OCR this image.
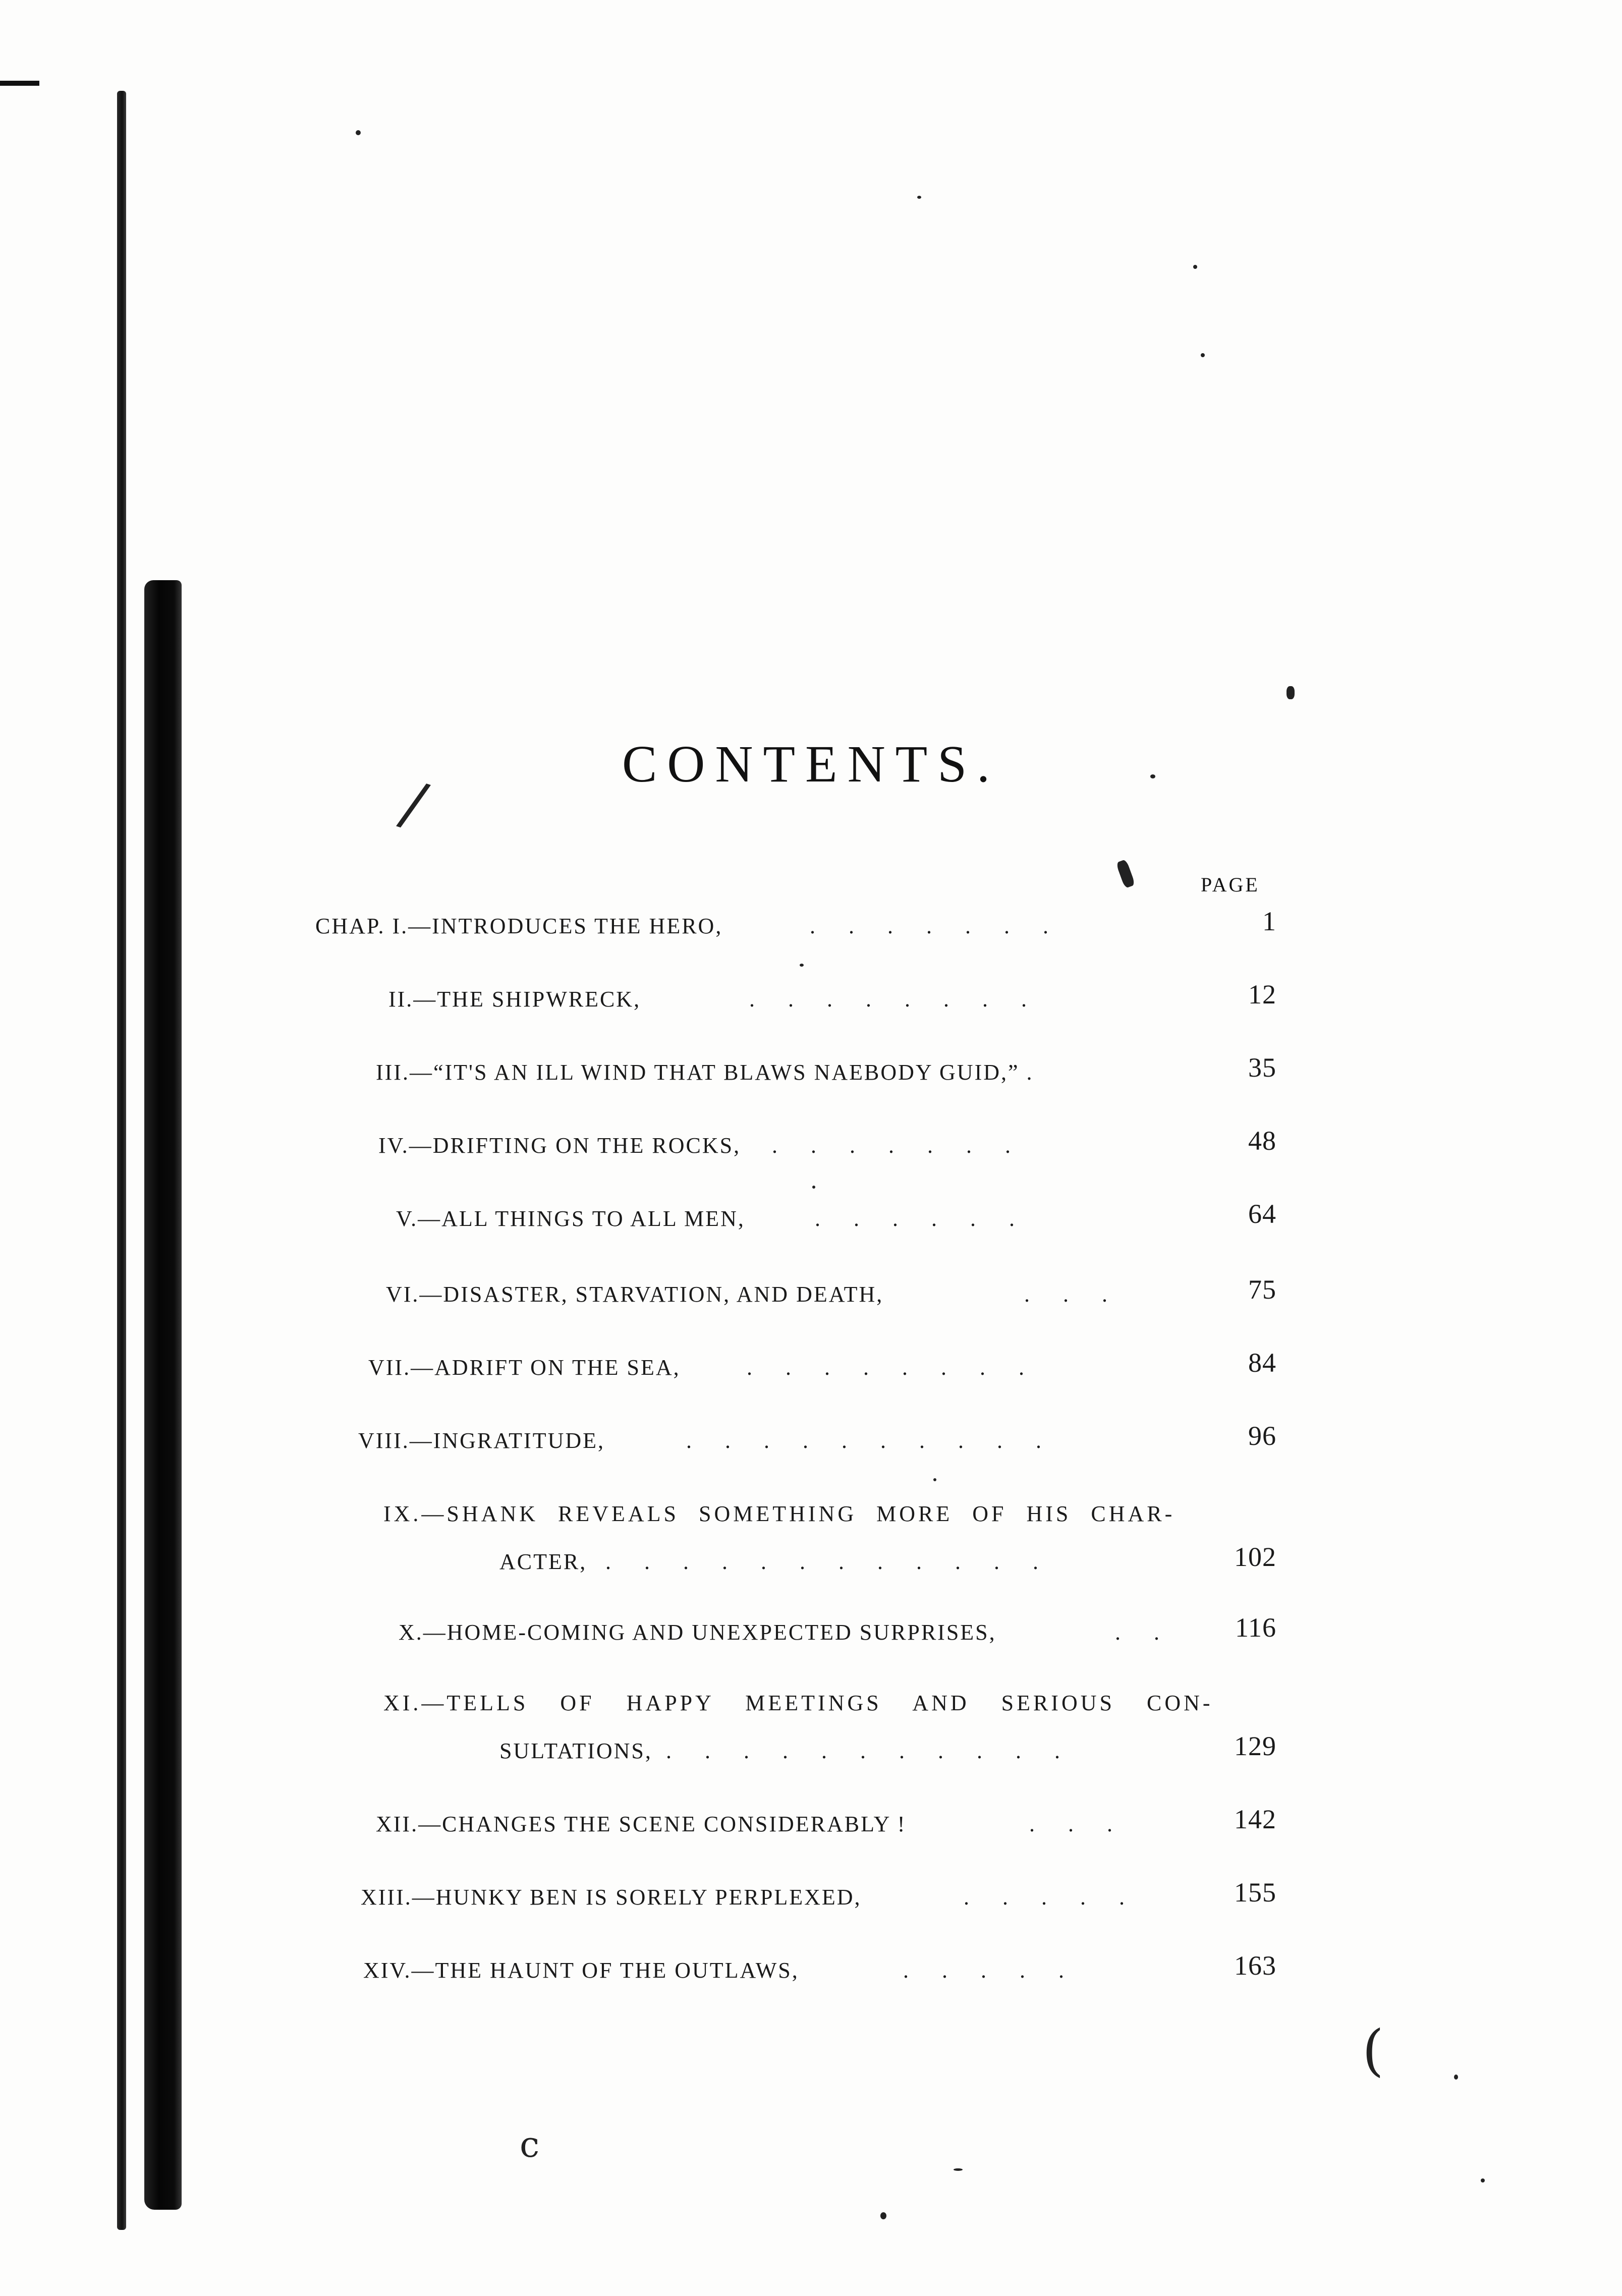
/
(
c
CONTENTS.
PAGE
CHAP. I.—INTRODUCES THE HERO,	.      .      .      .      .      .      .	1
II.—THE SHIPWRECK,	.      .      .      .      .      .      .      .	12
III.—“IT'S AN ILL WIND THAT BLAWS NAEBODY GUID,” .	35
IV.—DRIFTING ON THE ROCKS, .      .      .      .      .      .      .	48
V.—ALL THINGS TO ALL MEN,	.      .      .      .      .      .	64
VI.—DISASTER, STARVATION, AND DEATH,	.      .      .	75
VII.—ADRIFT ON THE SEA,	.      .      .      .      .      .      .      .	84
VIII.—INGRATITUDE,	.      .      .      .      .      .      .      .      .      .	96
IX.—SHANK REVEALS SOMETHING MORE OF HIS CHAR-
ACTER, .      .      .      .      .      .      .      .      .      .      .      .	102
X.—HOME-COMING AND UNEXPECTED SURPRISES,	.      .	116
XI.—TELLS OF HAPPY MEETINGS AND SERIOUS CON-
SULTATIONS, .      .      .      .      .      .      .      .      .      .      .	129
XII.—CHANGES THE SCENE CONSIDERABLY !	.      .      .	142
XIII.—HUNKY BEN IS SORELY PERPLEXED,	.      .      .      .      .	155
XIV.—THE HAUNT OF THE OUTLAWS,	.      .      .      .      .	163
